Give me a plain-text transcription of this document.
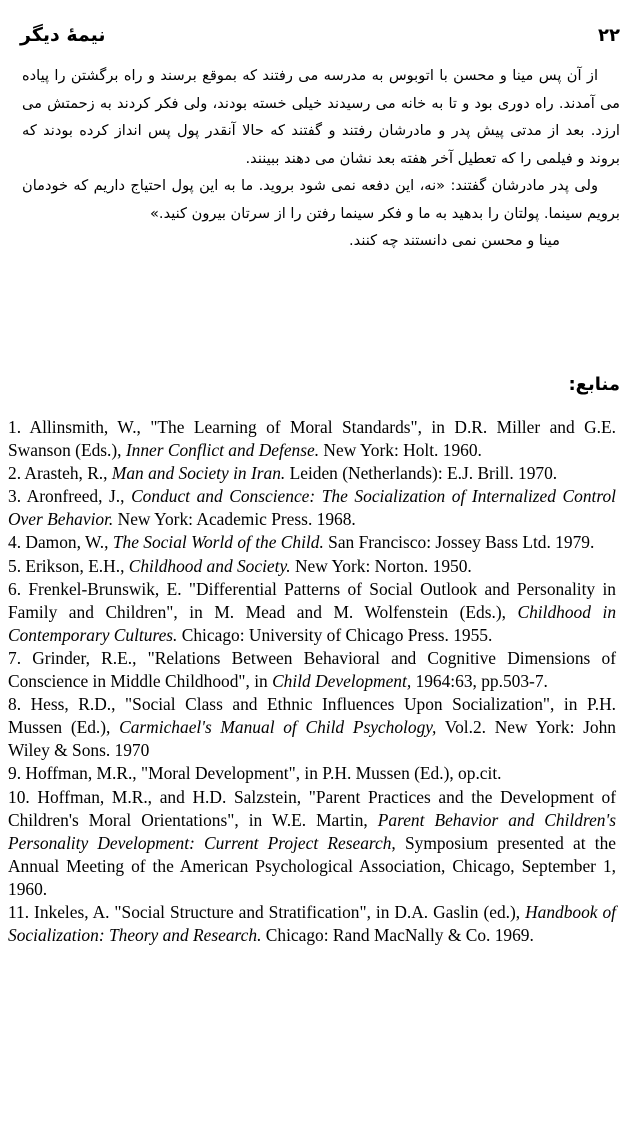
نیمهٔ دیگر	۲۲

از آن پس مینا و محسن با اتوبوس به مدرسه می رفتند که بموقع برسند و راه برگشتن را پیاده می آمدند. راه دوری بود و تا به خانه می رسیدند خیلی خسته بودند، ولی فکر کردند به زحمتش می ارزد. بعد از مدتی پیش پدر و مادرشان رفتند و گفتند که حالا آنقدر پول پس انداز کرده بودند که بروند و فیلمی را که تعطیل آخر هفته بعد نشان می دهند ببینند.

ولی پدر مادرشان گفتند: «نه، این دفعه نمی شود بروید. ما به این پول احتیاج داریم که خودمان برویم سینما. پولتان را بدهید به ما و فکر سینما رفتن را از سرتان بیرون کنید.»

مینا و محسن نمی دانستند چه کنند.

منابع:

1. Allinsmith, W., "The Learning of Moral Standards", in D.R. Miller and G.E. Swanson (Eds.), Inner Conflict and Defense. New York: Holt. 1960.

2. Arasteh, R., Man and Society in Iran. Leiden (Netherlands): E.J. Brill. 1970.

3. Aronfreed, J., Conduct and Conscience: The Socialization of Internalized Control Over Behavior. New York: Academic Press. 1968.

4. Damon, W., The Social World of the Child. San Francisco: Jossey Bass Ltd. 1979.

5. Erikson, E.H., Childhood and Society. New York: Norton. 1950.

6. Frenkel-Brunswik, E. "Differential Patterns of Social Outlook and Personality in Family and Children", in M. Mead and M. Wolfenstein (Eds.), Childhood in Contemporary Cultures. Chicago: University of Chicago Press. 1955.

7. Grinder, R.E., "Relations Between Behavioral and Cognitive Dimensions of Conscience in Middle Childhood", in Child Development, 1964:63, pp.503-7.

8. Hess, R.D., "Social Class and Ethnic Influences Upon Socialization", in P.H. Mussen (Ed.), Carmichael's Manual of Child Psychology, Vol.2. New York: John Wiley & Sons. 1970

9. Hoffman, M.R., "Moral Development", in P.H. Mussen (Ed.), op.cit.

10. Hoffman, M.R., and H.D. Salzstein, "Parent Practices and the Development of Children's Moral Orientations", in W.E. Martin, Parent Behavior and Children's Personality Development: Current Project Research, Symposium presented at the Annual Meeting of the American Psychological Association, Chicago, September 1, 1960.

11. Inkeles, A. "Social Structure and Stratification", in D.A. Gaslin (ed.), Handbook of Socialization: Theory and Research. Chicago: Rand MacNally & Co. 1969.
